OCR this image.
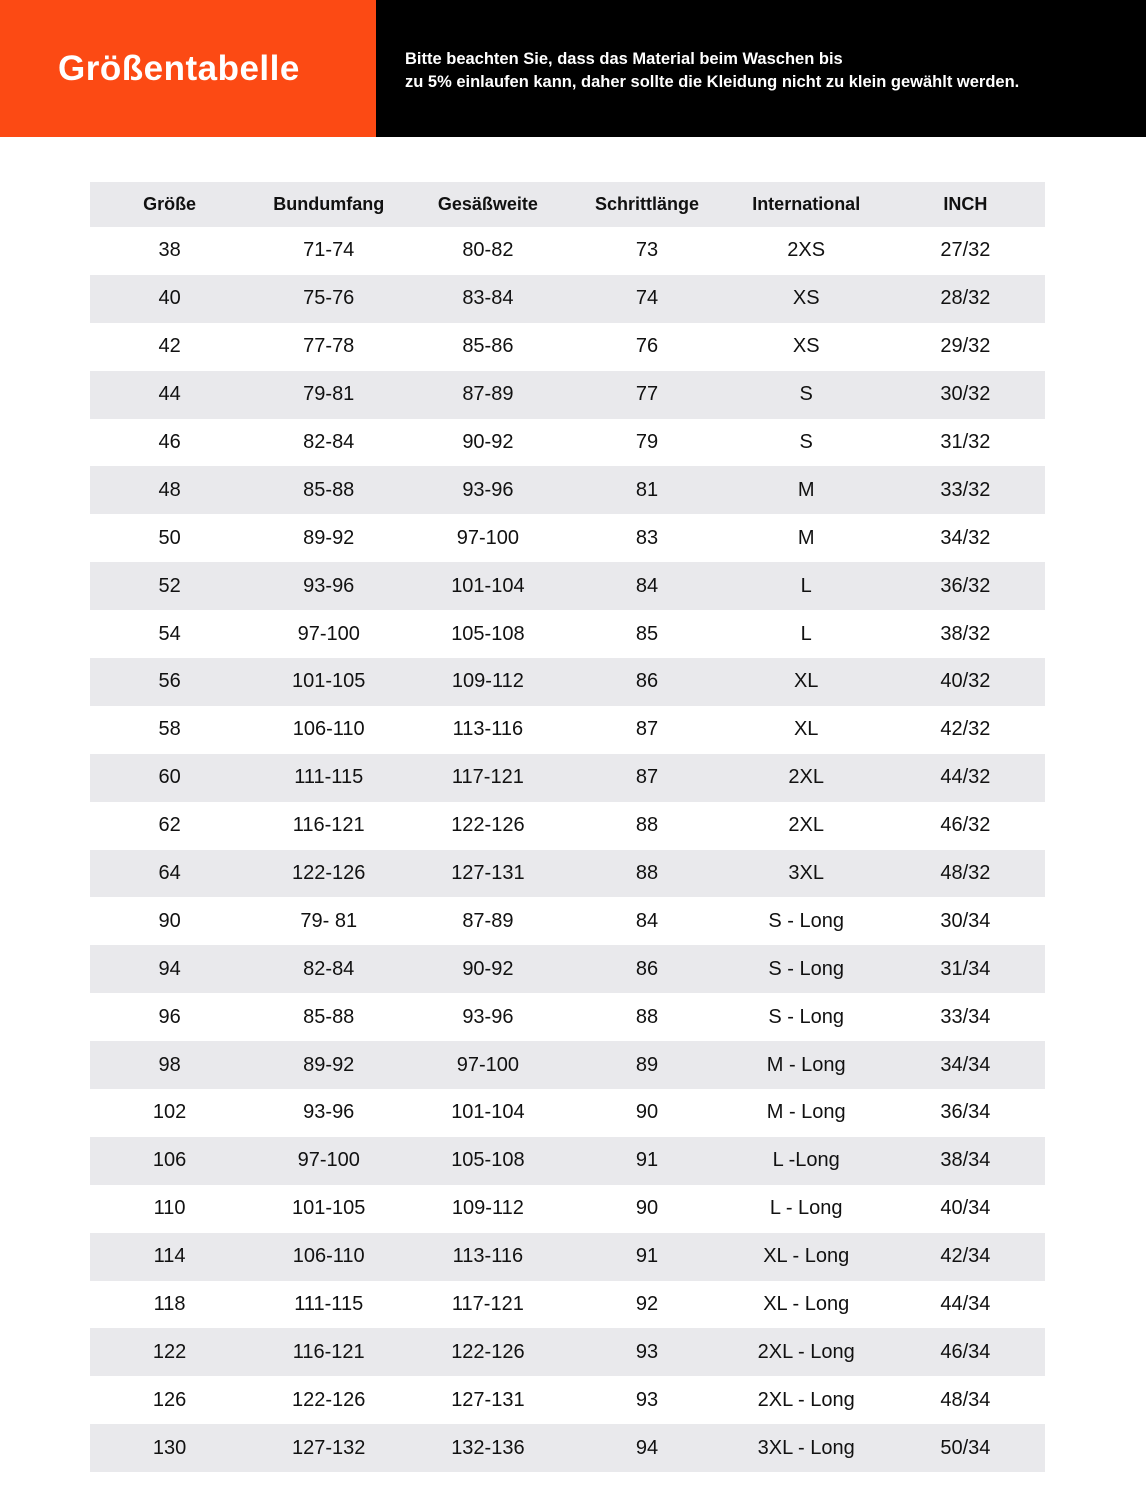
Größentabelle	Bitte beachten Sie, dass das Material beim Waschen bis
zu 5% einlaufen kann, daher sollte die Kleidung nicht zu klein gewählt werden.

Größe	Bundumfang	Gesäßweite	Schrittlänge	International	INCH
38	71-74	80-82	73	2XS	27/32
40	75-76	83-84	74	XS	28/32
42	77-78	85-86	76	XS	29/32
44	79-81	87-89	77	S	30/32
46	82-84	90-92	79	S	31/32
48	85-88	93-96	81	M	33/32
50	89-92	97-100	83	M	34/32
52	93-96	101-104	84	L	36/32
54	97-100	105-108	85	L	38/32
56	101-105	109-112	86	XL	40/32
58	106-110	113-116	87	XL	42/32
60	111-115	117-121	87	2XL	44/32
62	116-121	122-126	88	2XL	46/32
64	122-126	127-131	88	3XL	48/32
90	79- 81	87-89	84	S - Long	30/34
94	82-84	90-92	86	S - Long	31/34
96	85-88	93-96	88	S - Long	33/34
98	89-92	97-100	89	M - Long	34/34
102	93-96	101-104	90	M - Long	36/34
106	97-100	105-108	91	L -Long	38/34
110	101-105	109-112	90	L - Long	40/34
114	106-110	113-116	91	XL - Long	42/34
118	111-115	117-121	92	XL - Long	44/34
122	116-121	122-126	93	2XL - Long	46/34
126	122-126	127-131	93	2XL - Long	48/34
130	127-132	132-136	94	3XL - Long	50/34
